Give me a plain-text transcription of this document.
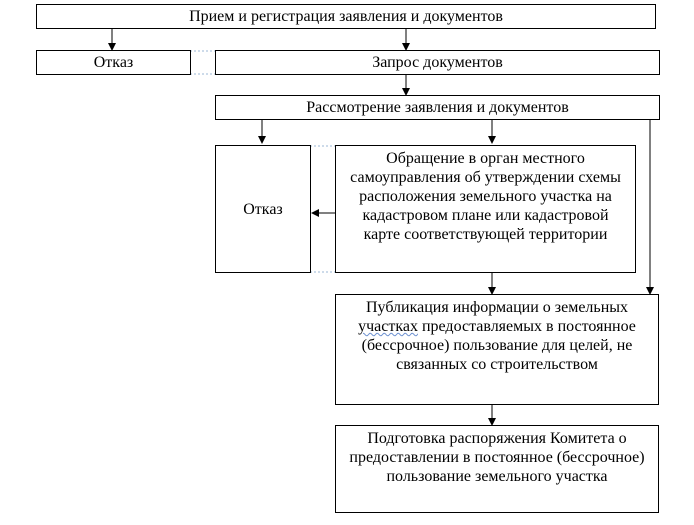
Прием и регистрация заявления и документов
Отказ	Запрос документов
Рассмотрение заявления и документов
Отказ
Обращение в орган местного самоуправления об утверждении схемы расположения земельного участка на кадастровом плане или кадастровой карте соответствующей территории
Публикация информации о земельных участках предоставляемых в постоянное (бессрочное) пользование для целей, не связанных со строительством
Подготовка распоряжения Комитета о предоставлении в постоянное (бессрочное) пользование земельного участка
